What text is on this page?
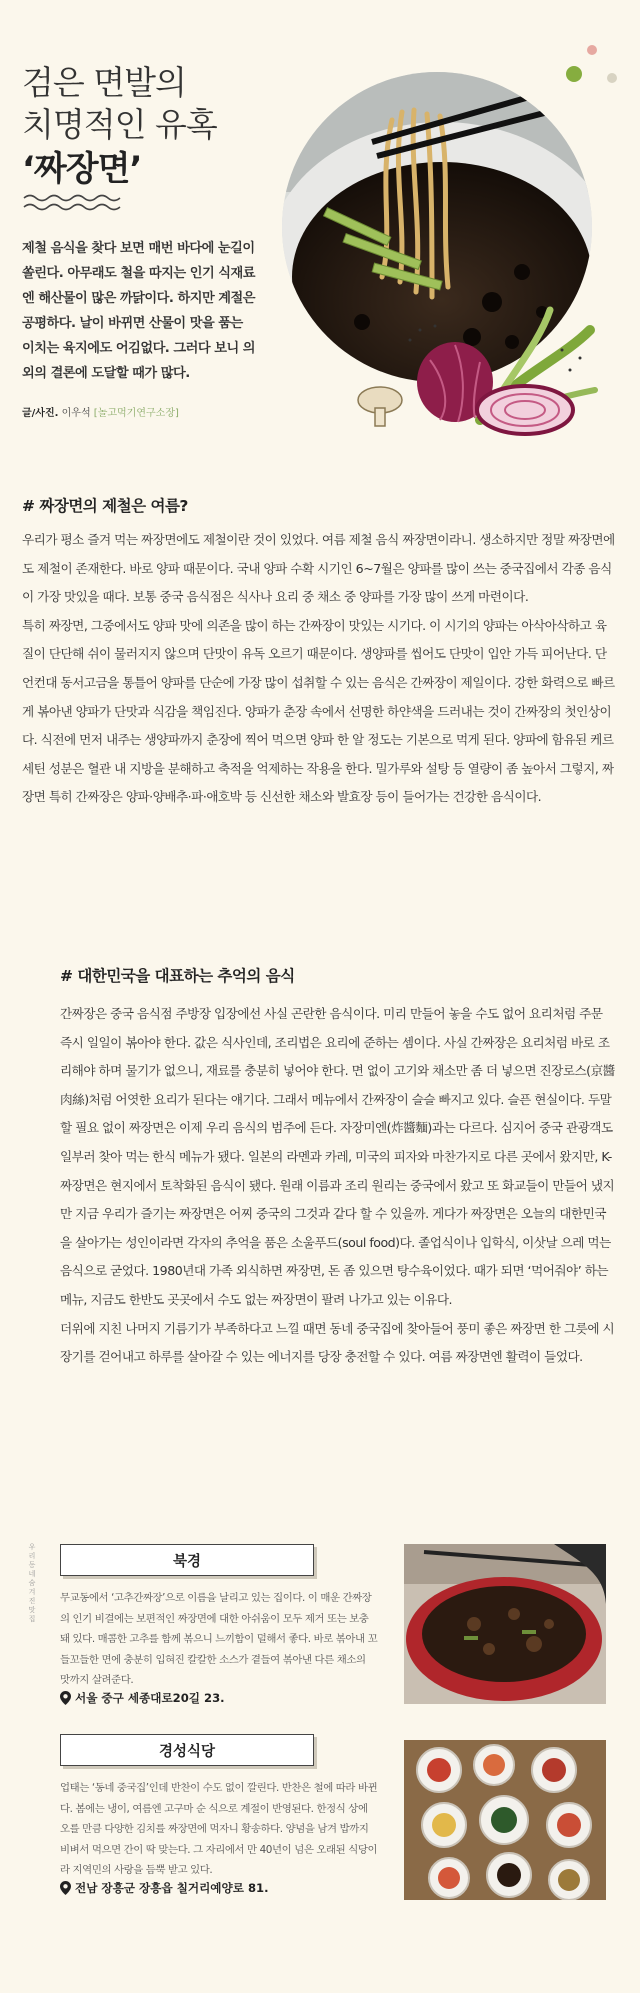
검은 면발의
치명적인 유혹
‘짜장면’

제철 음식을 찾다 보면 매번 바다에 눈길이 쏠린다. 아무래도 철을 따지는 인기 식재료엔 해산물이 많은 까닭이다. 하지만 계절은 공평하다. 날이 바뀌면 산물이 맛을 품는 이치는 육지에도 어김없다. 그러다 보니 의외의 결론에 도달할 때가 많다.

글/사진. 이우석 [놀고먹기연구소장]
# 짜장면의 제철은 여름?

우리가 평소 즐겨 먹는 짜장면에도 제철이란 것이 있었다. 여름 제철 음식 짜장면이라니. 생소하지만 정말 짜장면에도 제철이 존재한다. 바로 양파 때문이다. 국내 양파 수확 시기인 6~7월은 양파를 많이 쓰는 중국집에서 각종 음식이 가장 맛있을 때다. 보통 중국 음식점은 식사나 요리 중 채소 중 양파를 가장 많이 쓰게 마련이다.

특히 짜장면, 그중에서도 양파 맛에 의존을 많이 하는 간짜장이 맛있는 시기다. 이 시기의 양파는 아삭아삭하고 육질이 단단해 쉬이 물러지지 않으며 단맛이 유독 오르기 때문이다. 생양파를 씹어도 단맛이 입안 가득 피어난다. 단언컨대 동서고금을 통틀어 양파를 단순에 가장 많이 섭취할 수 있는 음식은 간짜장이 제일이다. 강한 화력으로 빠르게 볶아낸 양파가 단맛과 식감을 책임진다. 양파가 춘장 속에서 선명한 하얀색을 드러내는 것이 간짜장의 첫인상이다. 식전에 먼저 내주는 생양파까지 춘장에 찍어 먹으면 양파 한 알 정도는 기본으로 먹게 된다. 양파에 함유된 케르세틴 성분은 혈관 내 지방을 분해하고 축적을 억제하는 작용을 한다. 밀가루와 설탕 등 열량이 좀 높아서 그렇지, 짜장면 특히 간짜장은 양파·양배추·파·애호박 등 신선한 채소와 발효장 등이 들어가는 건강한 음식이다.

# 대한민국을 대표하는 추억의 음식

간짜장은 중국 음식점 주방장 입장에선 사실 곤란한 음식이다. 미리 만들어 놓을 수도 없어 요리처럼 주문 즉시 일일이 볶아야 한다. 값은 식사인데, 조리법은 요리에 준하는 셈이다. 사실 간짜장은 요리처럼 바로 조리해야 하며 물기가 없으니, 재료를 충분히 넣어야 한다. 면 없이 고기와 채소만 좀 더 넣으면 진장로스(京醬肉絲)처럼 어엿한 요리가 된다는 얘기다. 그래서 메뉴에서 간짜장이 슬슬 빠지고 있다. 슬픈 현실이다. 두말할 필요 없이 짜장면은 이제 우리 음식의 범주에 든다. 자장미엔(炸醬麵)과는 다르다. 심지어 중국 관광객도 일부러 찾아 먹는 한식 메뉴가 됐다. 일본의 라멘과 카레, 미국의 피자와 마찬가지로 다른 곳에서 왔지만, K-짜장면은 현지에서 토착화된 음식이 됐다. 원래 이름과 조리 원리는 중국에서 왔고 또 화교들이 만들어 냈지만 지금 우리가 즐기는 짜장면은 어찌 중국의 그것과 같다 할 수 있을까. 게다가 짜장면은 오늘의 대한민국을 살아가는 성인이라면 각자의 추억을 품은 소울푸드(soul food)다. 졸업식이나 입학식, 이삿날 으레 먹는 음식으로 굳었다. 1980년대 가족 외식하면 짜장면, 돈 좀 있으면 탕수육이었다. 때가 되면 ‘먹어줘야’ 하는 메뉴, 지금도 한반도 곳곳에서 수도 없는 짜장면이 팔려 나가고 있는 이유다.

더위에 지친 나머지 기름기가 부족하다고 느낄 때면 동네 중국집에 찾아들어 풍미 좋은 짜장면 한 그릇에 시장기를 걷어내고 하루를 살아갈 수 있는 에너지를 당장 충전할 수 있다. 여름 짜장면엔 활력이 들었다.

우리동네숨겨진맛집
북경

무교동에서 ‘고추간짜장’으로 이름을 날리고 있는 집이다. 이 매운 간짜장의 인기 비결에는 보편적인 짜장면에 대한 아쉬움이 모두 제거 또는 보충돼 있다. 매콤한 고추를 함께 볶으니 느끼함이 덜해서 좋다. 바로 볶아내 꼬들꼬들한 면에 충분히 입혀진 칼칼한 소스가 곁들여 볶아낸 다른 채소의 맛까지 살려준다.

서울 중구 세종대로20길 23.
경성식당

업태는 ‘동네 중국집’인데 반찬이 수도 없이 깔린다. 반찬은 철에 따라 바뀐다. 봄에는 냉이, 여름엔 고구마 순 식으로 계절이 반영된다. 한정식 상에 오를 만큼 다양한 김치를 짜장면에 먹자니 황송하다. 양념을 남겨 밥까지 비벼서 먹으면 간이 딱 맞는다. 그 자리에서 만 40년이 넘은 오래된 식당이라 지역민의 사랑을 듬뿍 받고 있다.

전남 장흥군 장흥읍 칠거리예양로 81.
